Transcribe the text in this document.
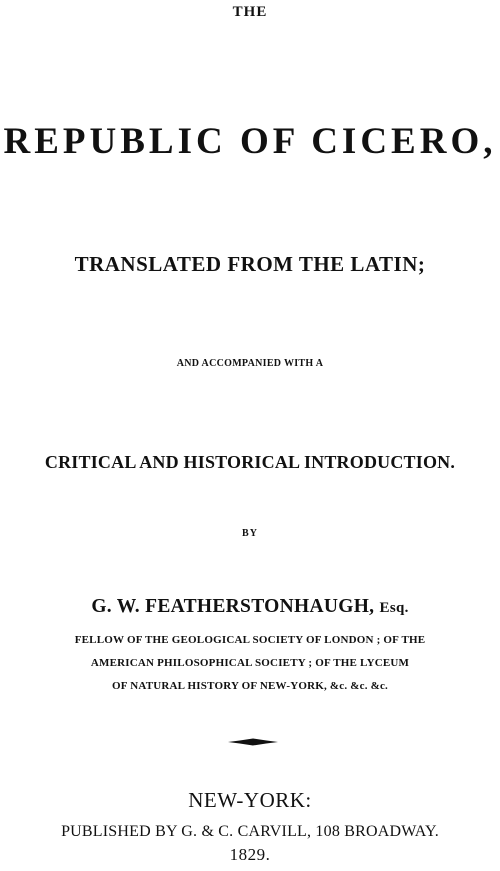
THE
REPUBLIC OF CICERO,
TRANSLATED FROM THE LATIN;
AND ACCOMPANIED WITH A
CRITICAL AND HISTORICAL INTRODUCTION.
BY
G. W. FEATHERSTONHAUGH, Esq.
FELLOW OF THE GEOLOGICAL SOCIETY OF LONDON ; OF THE
AMERICAN PHILOSOPHICAL SOCIETY ; OF THE LYCEUM
OF NATURAL HISTORY OF NEW-YORK, &c. &c. &c.
NEW-YORK:
PUBLISHED BY G. & C. CARVILL, 108 BROADWAY.
1829.
